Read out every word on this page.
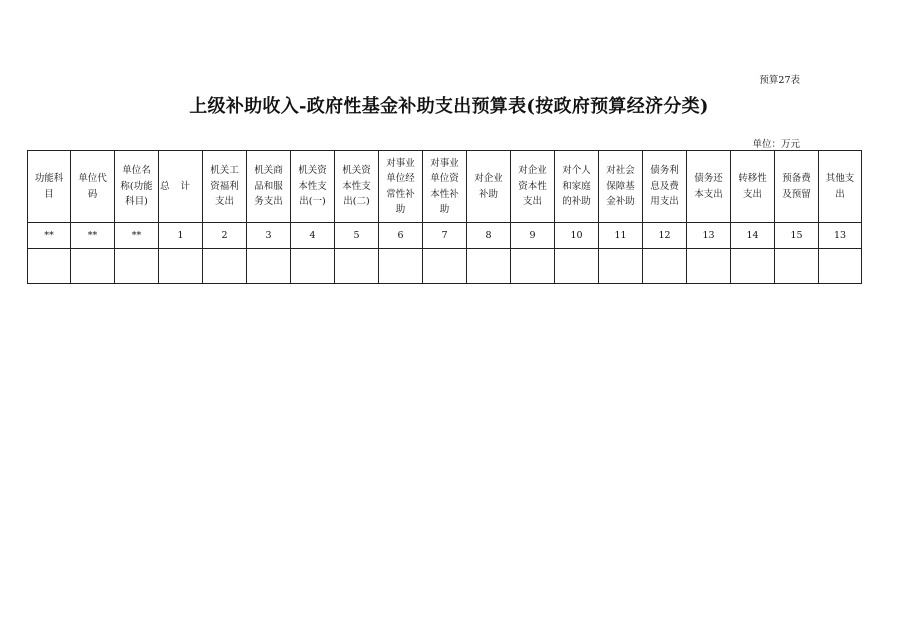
预算27表
上级补助收入-政府性基金补助支出预算表(按政府预算经济分类)
单位：万元
功能科目	单位代码	单位名称(功能科目)	总计	机关工资福利支出	机关商品和服务支出	机关资本性支出(一)	机关资本性支出(二)	对事业单位经常性补助	对事业单位资本性补助	对企业补助	对企业资本性支出	对个人和家庭的补助	对社会保障基金补助	债务利息及费用支出	债务还本支出	转移性支出	预备费及预留	其他支出

**	**	**	1	2	3	4	5	6	7	8	9	10	11	12	13	14	15	13
